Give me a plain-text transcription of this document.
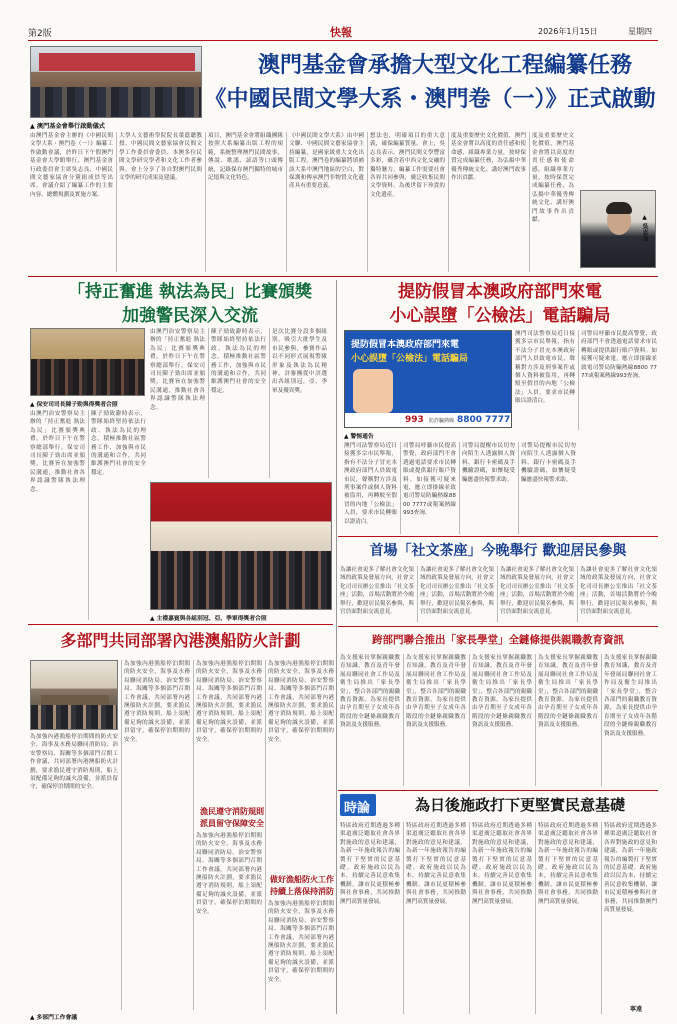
第2版	快報	2026年1月15日	星期四
▲ 澳門基金會舉行啟動儀式
澳門基金會承擔大型文化工程編纂任務
《中國民間文學大系・澳門卷（一）》正式啟動
由澳門基金會主辦的《中國民間文學大系・澳門卷（一）》編纂工作啟動會議，於昨日下午假澳門基金會大學館舉行，澳門基金會行政委員會主席吳志良、中國民間文藝家協會分黨組成員等出席。會議介紹了編纂工作的主要內容、總體規劃及實施方案。
大學人文藝術學院院長葉蔭聰教授、中國民間文藝家協會民間文學工作委員會委員、本澳多位民間文學研究學者和文化工作者參與。會上分享了各自對澳門民間文學的研究成果及建議。
項目，澳門基金會將組織團隊按照大系編纂出版工程的規範，系統整理澳門民間故事、傳說、歌謠、諺語等口頭傳統，記錄保存澳門獨特的城市記憶與文化特色。
《中國民間文學大系》由中國文聯、中國民間文藝家協會主持編纂，是國家級重大文化出版工程。澳門卷的編纂將填補該大系中澳門地區的空白，對保護和傳承澳門非物質文化遺產具有重要意義。
想法也，明確項目的重大意義，確保編纂質量。會上，吳志良表示，澳門民間文學豐富多彩，蘊含着中西文化交融的獨特魅力，編纂工作需要社會各界共同參與，廣泛收集民間文學資料，為後世留下珍貴的文化遺產。
度及重要歷史文化價值，澳門基金會將以高度的責任感和使命感，組織專業力量，按時保質完成編纂任務，為弘揚中華優秀傳統文化、講好澳門故事作出貢獻。
度及重要歷史文化價值，澳門基金會將以高度的責任感和使命感，組織專業力量，按時保質完成編纂任務，為弘揚中華優秀傳統文化、講好澳門故事作出貢獻。	▲ 吳志良
「持正奮進 執法為民」比賽頒獎
加強警民深入交流
▲ 保安司司長陳子勁與得獎者合照
由澳門治安警察局主辦的「持正奮進 執法為民」比賽頒獎典禮，於昨日下午在警察總部舉行。保安司司長陳子勁出席並頒獎，比賽旨在加強警民溝通，推動社會各界認識警隊執法理念。
陳子勁致辭時表示，警隊始終堅持依法行政、執法為民的理念，積極推動社區警務工作，加強與市民的溝通和合作，共同維護澳門社會的安全穩定。
由澳門治安警察局主辦的「持正奮進 執法為民」比賽頒獎典禮，於昨日下午在警察總部舉行。保安司司長陳子勁出席並頒獎，比賽旨在加強警民溝通，推動社會各界認識警隊執法理念。
陳子勁致辭時表示，警隊始終堅持依法行政、執法為民的理念，積極推動社區警務工作，加強與市民的溝通和合作，共同維護澳門社會的安全穩定。
是次比賽分設多個組別，吸引大批學生及市民參與，參賽作品以不同形式展現警隊形象及執法為民精神，評審團從中評選出各組別冠、亞、季軍及優異獎。
▲ 主禮嘉賓與各組別冠、亞、季軍得獎者合照
提防假冒本澳政府部門來電
小心誤墮「公檢法」電話騙局
提防假冒本澳政府部門來電
小心誤墮「公檢法」電話騙局
993 防詐騙熱線 8800 7777
▲ 警惕通告
澳門司法警察局近日接獲多宗市民舉報，指有不法分子冒充本澳政府部門人員致電市民，聲稱對方涉及刑事案件或個人資料被盜用，再轉駁至假冒的內地「公檢法」人員，要求市民轉賬以證清白。
司警局呼籲市民提高警覺，政府部門不會透過電話要求市民轉賬或提供銀行賬戶資料。如接獲可疑來電，應立即掛線並致電司警局防騙熱線8800 7777或報案熱線993查詢。
澳門司法警察局近日接獲多宗市民舉報，指有不法分子冒充本澳政府部門人員致電市民，聲稱對方涉及刑事案件或個人資料被盜用，再轉駁至假冒的內地「公檢法」人員，要求市民轉賬以證清白。
司警局呼籲市民提高警覺，政府部門不會透過電話要求市民轉賬或提供銀行賬戶資料。如接獲可疑來電，應立即掛線並致電司警局防騙熱線8800 7777或報案熱線993查詢。
司警局提醒市民切勿向陌生人透露個人資料、銀行卡密碼及手機驗證碼，如懷疑受騙應盡快報警求助。
司警局提醒市民切勿向陌生人透露個人資料、銀行卡密碼及手機驗證碼，如懷疑受騙應盡快報警求助。
首場「社文茶座」今晚舉行 歡迎居民參與
為讓社會更多了解社會文化領域的政策及發展方向，社會文化司司長辦公室推出「社文茶座」活動，首場活動將於今晚舉行，歡迎居民報名參與，與官員面對面交流意見。
為讓社會更多了解社會文化領域的政策及發展方向，社會文化司司長辦公室推出「社文茶座」活動，首場活動將於今晚舉行，歡迎居民報名參與，與官員面對面交流意見。
為讓社會更多了解社會文化領域的政策及發展方向，社會文化司司長辦公室推出「社文茶座」活動，首場活動將於今晚舉行，歡迎居民報名參與，與官員面對面交流意見。
為讓社會更多了解社會文化領域的政策及發展方向，社會文化司司長辦公室推出「社文茶座」活動，首場活動將於今晚舉行，歡迎居民報名參與，與官員面對面交流意見。
跨部門聯合推出「家長學堂」全鏈條提供親職教育資訊
為支援家長掌握親職教育知識，教育及青年發展局聯同社會工作局及衛生局推出「家長學堂」，整合各部門的親職教育資源，為家長提供由孕育期至子女成年各階段的全鏈條親職教育資訊及支援服務。
為支援家長掌握親職教育知識，教育及青年發展局聯同社會工作局及衛生局推出「家長學堂」，整合各部門的親職教育資源，為家長提供由孕育期至子女成年各階段的全鏈條親職教育資訊及支援服務。
為支援家長掌握親職教育知識，教育及青年發展局聯同社會工作局及衛生局推出「家長學堂」，整合各部門的親職教育資源，為家長提供由孕育期至子女成年各階段的全鏈條親職教育資訊及支援服務。
為支援家長掌握親職教育知識，教育及青年發展局聯同社會工作局及衛生局推出「家長學堂」，整合各部門的親職教育資源，為家長提供由孕育期至子女成年各階段的全鏈條親職教育資訊及支援服務。
為支援家長掌握親職教育知識，教育及青年發展局聯同社會工作局及衛生局推出「家長學堂」，整合各部門的親職教育資源，為家長提供由孕育期至子女成年各階段的全鏈條親職教育資訊及支援服務。
多部門共同部署內港澳船防火計劃
▲ 多部門工作會議
為加強內港漁船停泊期間的防火安全，海事及水務局聯同消防局、治安警察局、海關等多個部門召開工作會議，共同部署內港澳船防火計劃，要求漁民遵守消防規則，船上須配備足夠的滅火設備，並派員留守，確保停泊期間的安全。
為加強內港漁船停泊期間的防火安全，海事及水務局聯同消防局、治安警察局、海關等多個部門召開工作會議，共同部署內港澳船防火計劃，要求漁民遵守消防規則，船上須配備足夠的滅火設備，並派員留守，確保停泊期間的安全。
為加強內港漁船停泊期間的防火安全，海事及水務局聯同消防局、治安警察局、海關等多個部門召開工作會議，共同部署內港澳船防火計劃，要求漁民遵守消防規則，船上須配備足夠的滅火設備，並派員留守，確保停泊期間的安全。
漁民遵守消防規則
派員留守保障安全
為加強內港漁船停泊期間的防火安全，海事及水務局聯同消防局、治安警察局、海關等多個部門召開工作會議，共同部署內港澳船防火計劃，要求漁民遵守消防規則，船上須配備足夠的滅火設備，並派員留守，確保停泊期間的安全。
為加強內港漁船停泊期間的防火安全，海事及水務局聯同消防局、治安警察局、海關等多個部門召開工作會議，共同部署內港澳船防火計劃，要求漁民遵守消防規則，船上須配備足夠的滅火設備，並派員留守，確保停泊期間的安全。
做好漁船防火工作
持續上落保持消防
為加強內港漁船停泊期間的防火安全，海事及水務局聯同消防局、治安警察局、海關等多個部門召開工作會議，共同部署內港澳船防火計劃，要求漁民遵守消防規則，船上須配備足夠的滅火設備，並派員留守，確保停泊期間的安全。
時論	為日後施政打下更堅實民意基礎
特區政府近期透過多種渠道廣泛聽取社會各界對施政的意見和建議，為新一年施政報告的編製打下堅實的民意基礎。政府施政以民為本，持續完善民意收集機制，讓市民更積極參與社會事務，共同推動澳門高質量發展。
特區政府近期透過多種渠道廣泛聽取社會各界對施政的意見和建議，為新一年施政報告的編製打下堅實的民意基礎。政府施政以民為本，持續完善民意收集機制，讓市民更積極參與社會事務，共同推動澳門高質量發展。
特區政府近期透過多種渠道廣泛聽取社會各界對施政的意見和建議，為新一年施政報告的編製打下堅實的民意基礎。政府施政以民為本，持續完善民意收集機制，讓市民更積極參與社會事務，共同推動澳門高質量發展。
特區政府近期透過多種渠道廣泛聽取社會各界對施政的意見和建議，為新一年施政報告的編製打下堅實的民意基礎。政府施政以民為本，持續完善民意收集機制，讓市民更積極參與社會事務，共同推動澳門高質量發展。
特區政府近期透過多種渠道廣泛聽取社會各界對施政的意見和建議，為新一年施政報告的編製打下堅實的民意基礎。政府施政以民為本，持續完善民意收集機制，讓市民更積極參與社會事務，共同推動澳門高質量發展。
寧遠
